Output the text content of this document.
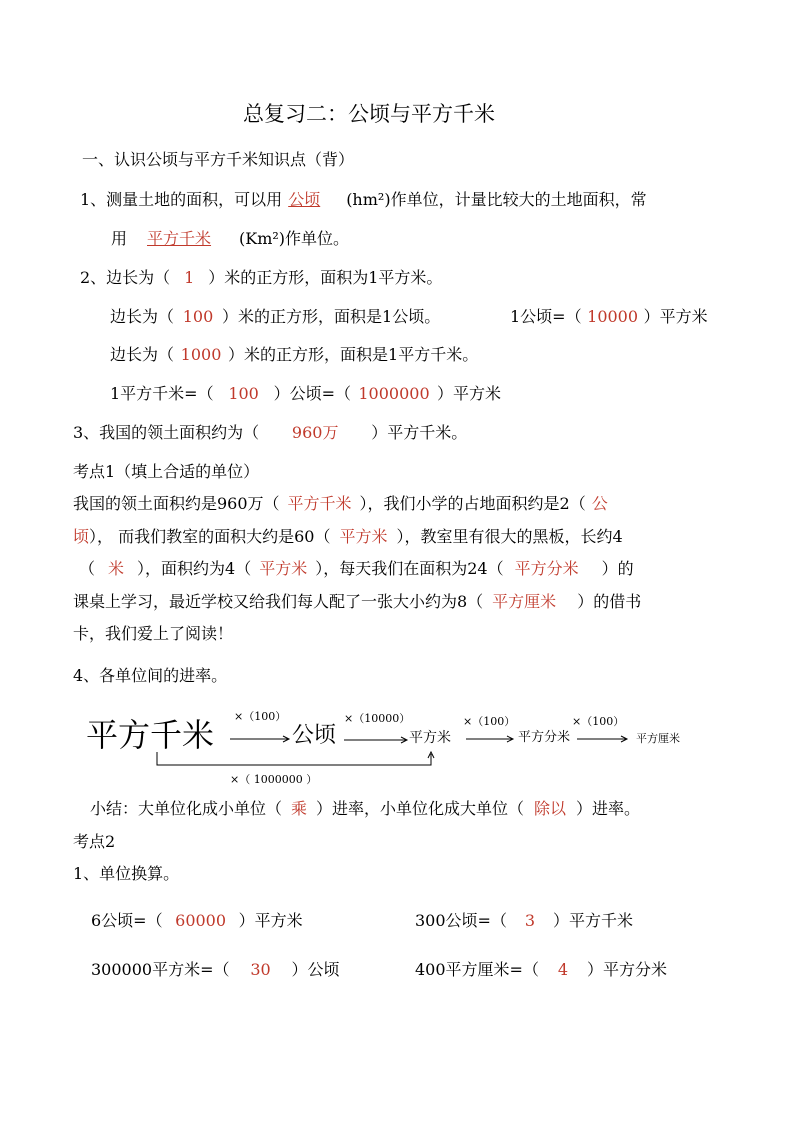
总复习二：公顷与平方千米
一、认识公顷与平方千米知识点（背）
1、测量土地的面积，可以用 公顷 (hm²)作单位，计量比较大的土地面积，常
用 平方千米 (Km²)作单位。
2、边长为（ 1 ）米的正方形，面积为1平方米。
边长为（ 100 ）米的正方形，面积是1公顷。	1公顷=（ 10000 ）平方米
边长为（ 1000 ）米的正方形，面积是1平方千米。
1平方千米=（ 100 ）公顷=（ 1000000 ）平方米
3、我国的领土面积约为（ 960万 ）平方千米。
考点1（填上合适的单位）
我国的领土面积约是960万（ 平方千米 ），我们小学的占地面积约是2（ 公
顷）， 而我们教室的面积大约是60（ 平方米 ），教室里有很大的黑板，长约4
（ 米 ），面积约为4（ 平方米 ），每天我们在面积为24（ 平方分米 ）的
课桌上学习，最近学校又给我们每人配了一张大小约为8（ 平方厘米 ）的借书
卡，我们爱上了阅读！
4、各单位间的进率。
平方千米	公顷	平方米	平方分米	平方厘米
×（100）	×（10000）	×（100）	×（100）
×（ 1000000 ）
小结：大单位化成小单位（ 乘 ）进率，小单位化成大单位（ 除以 ）进率。
考点2
1、单位换算。
6公顷=（ 60000 ）平方米	300公顷=（ 3 ）平方千米
300000平方米=（ 30 ）公顷	400平方厘米=（ 4 ）平方分米
